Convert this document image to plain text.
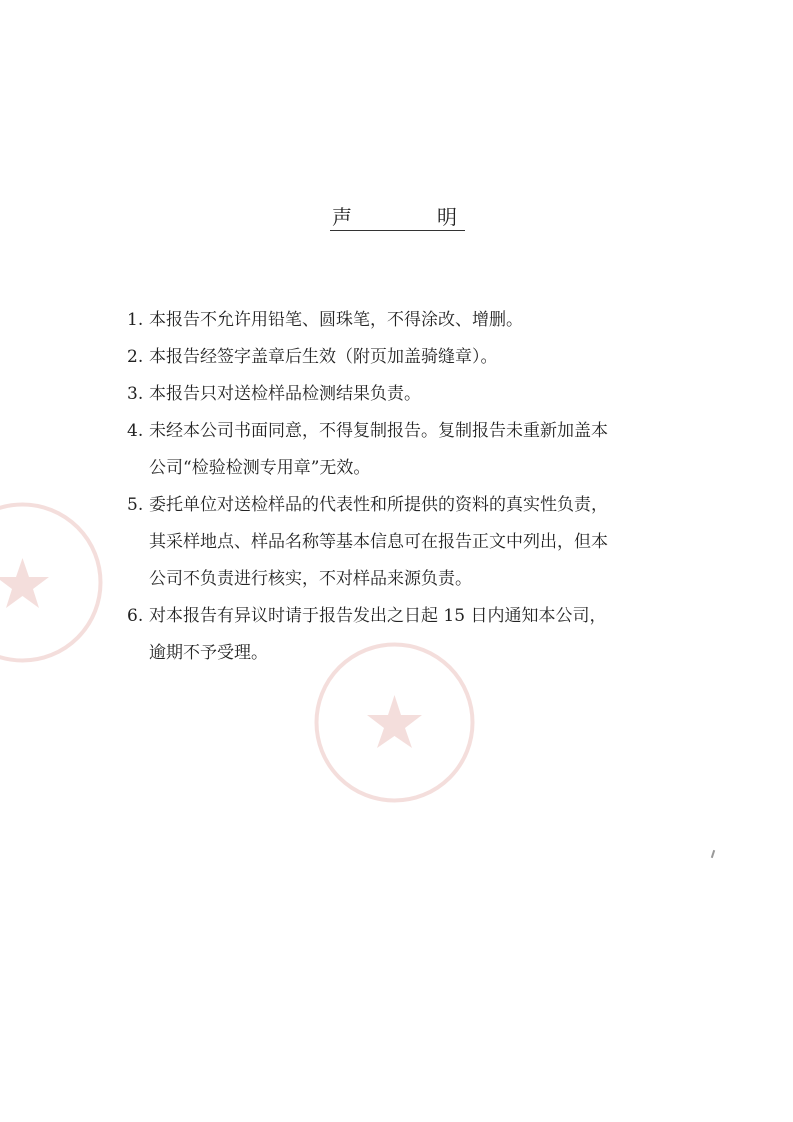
声	明
1. 本报告不允许用铅笔、圆珠笔，不得涂改、增删。
2. 本报告经签字盖章后生效（附页加盖骑缝章）。
3. 本报告只对送检样品检测结果负责。
4. 未经本公司书面同意，不得复制报告。复制报告未重新加盖本
公司“检验检测专用章”无效。
5. 委托单位对送检样品的代表性和所提供的资料的真实性负责，
其采样地点、样品名称等基本信息可在报告正文中列出，但本
公司不负责进行核实，不对样品来源负责。
6. 对本报告有异议时请于报告发出之日起 15 日内通知本公司，
逾期不予受理。
